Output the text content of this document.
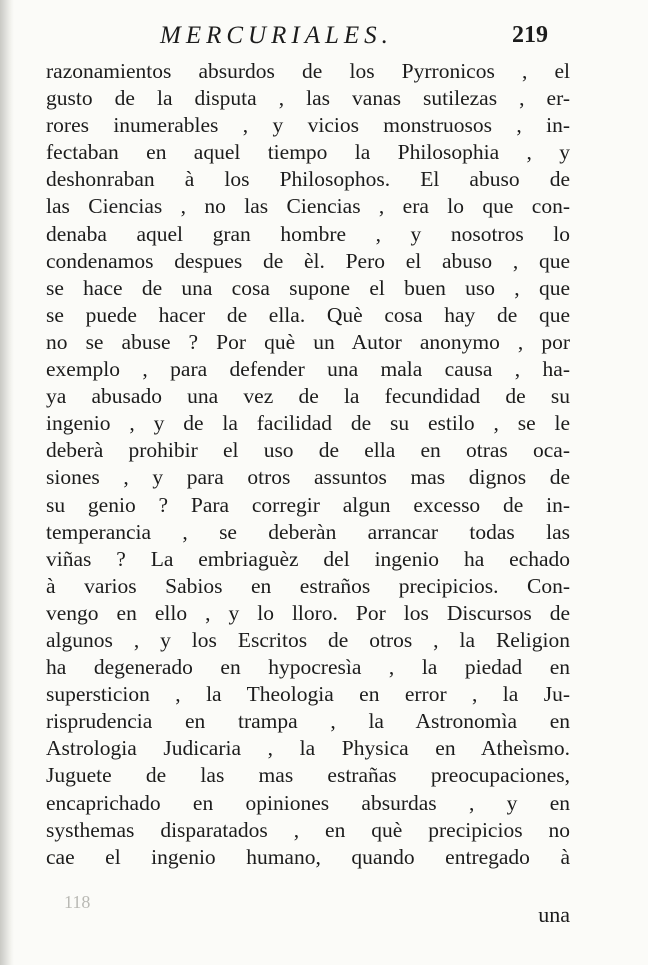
MERCURIALES.	219
razonamientos absurdos de los Pyrronicos , el
gusto de la disputa , las vanas sutilezas , er-
rores inumerables , y vicios monstruosos , in-
fectaban en aquel tiempo la Philosophia , y
deshonraban à los Philosophos. El abuso de
las Ciencias , no las Ciencias , era lo que con-
denaba aquel gran hombre , y nosotros lo
condenamos despues de èl. Pero el abuso , que
se hace de una cosa supone el buen uso , que
se puede hacer de ella. Què cosa hay de que
no se abuse ? Por què un Autor anonymo , por
exemplo , para defender una mala causa , ha-
ya abusado una vez de la fecundidad de su
ingenio , y de la facilidad de su estilo , se le
deberà prohibir el uso de ella en otras oca-
siones , y para otros assuntos mas dignos de
su genio ? Para corregir algun excesso de in-
temperancia , se deberàn arrancar todas las
viñas ? La embriaguèz del ingenio ha echado
à varios Sabios en estraños precipicios. Con-
vengo en ello , y lo lloro. Por los Discursos de
algunos , y los Escritos de otros , la Religion
ha degenerado en hypocresìa , la piedad en
supersticion , la Theologia en error , la Ju-
risprudencia en trampa , la Astronomìa en
Astrologia Judicaria , la Physica en Atheìsmo.
Juguete de las mas estrañas preocupaciones,
encaprichado en opiniones absurdas , y en
systhemas disparatados , en què precipicios no
cae el ingenio humano, quando entregado à
118	una
